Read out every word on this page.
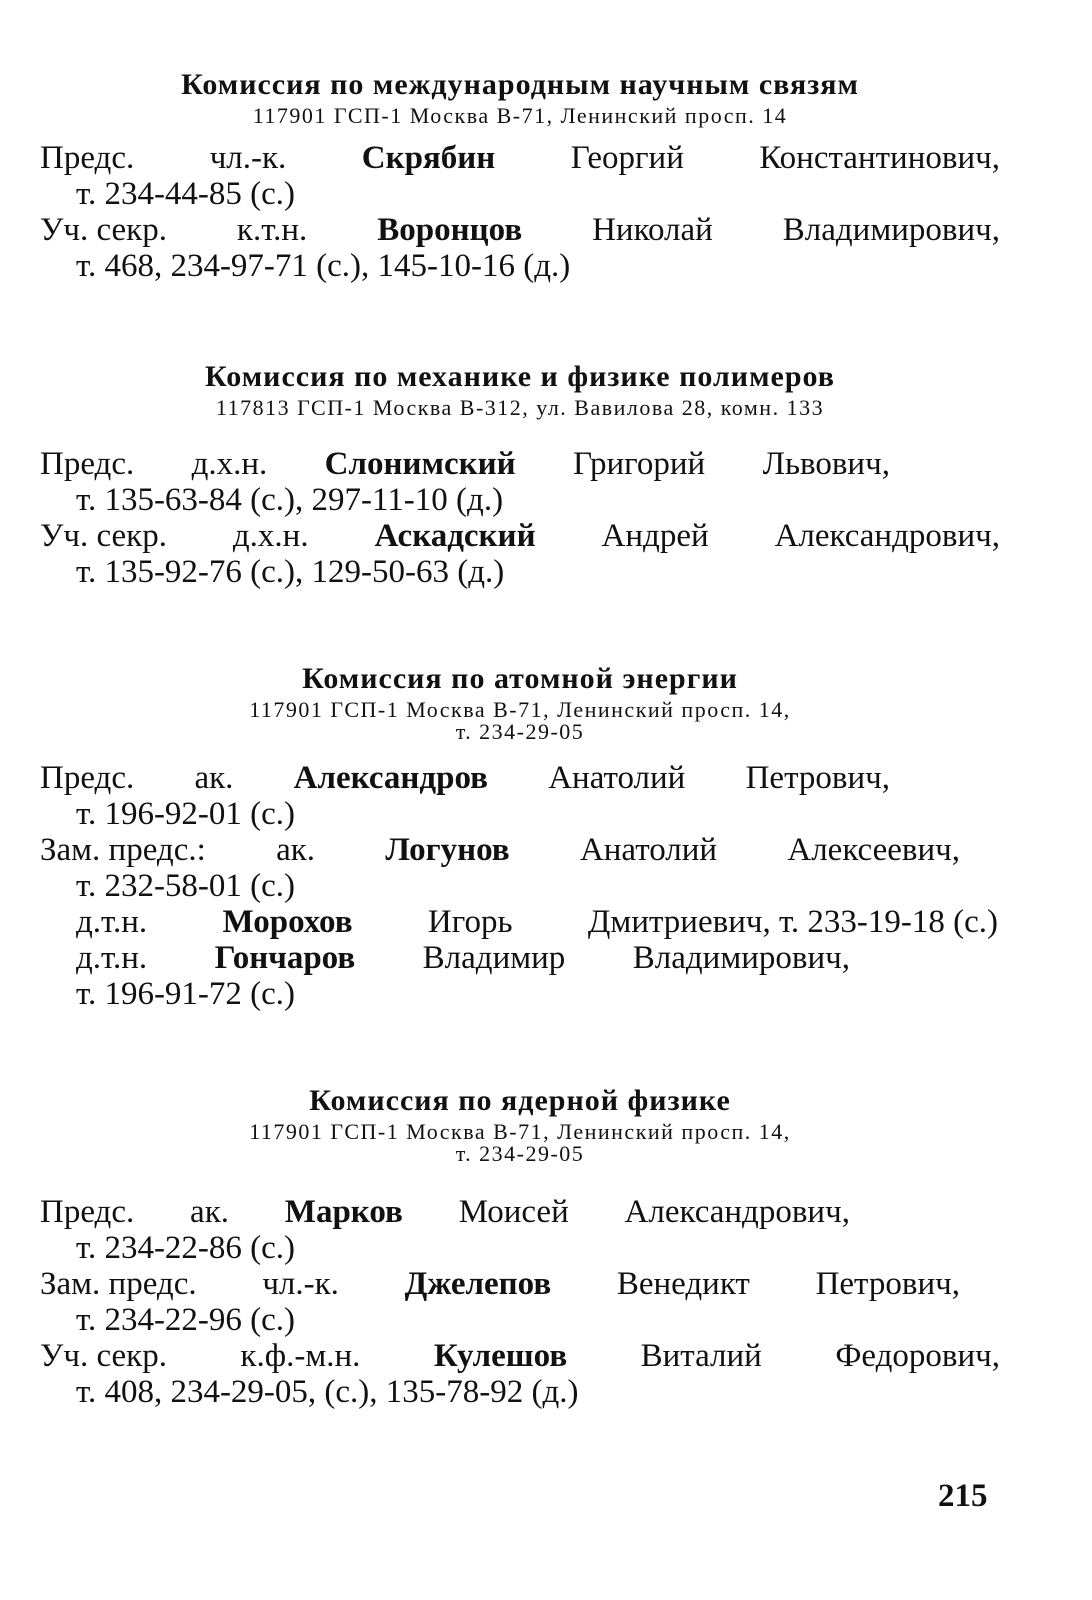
Комиссия по международным научным связям

117901 ГСП-1 Москва В-71, Ленинский просп. 14

Предс. чл.-к. Скрябин Георгий Константинович,
т. 234-44-85 (с.)
Уч. секр. к.т.н. Воронцов Николай Владимирович,
т. 468, 234-97-71 (с.), 145-10-16 (д.)

Комиссия по механике и физике полимеров

117813 ГСП-1 Москва В-312, ул. Вавилова 28, комн. 133

Предс. д.х.н. Слонимский Григорий Львович,
т. 135-63-84 (с.), 297-11-10 (д.)
Уч. секр. д.х.н. Аскадский Андрей Александрович,
т. 135-92-76 (с.), 129-50-63 (д.)

Комиссия по атомной энергии

117901 ГСП-1 Москва В-71, Ленинский просп. 14,

т. 234-29-05

Предс. ак. Александров Анатолий Петрович,
т. 196-92-01 (с.)
Зам. предс.: ак. Логунов Анатолий Алексеевич,
т. 232-58-01 (с.)
д.т.н. Морохов Игорь Дмитриевич, т. 233-19-18 (с.)
д.т.н. Гончаров Владимир Владимирович,
т. 196-91-72 (с.)

Комиссия по ядерной физике

117901 ГСП-1 Москва В-71, Ленинский просп. 14,

т. 234-29-05

Предс. ак. Марков Моисей Александрович,
т. 234-22-86 (с.)
Зам. предс. чл.-к. Джелепов Венедикт Петрович,
т. 234-22-96 (с.)
Уч. секр. к.ф.-м.н. Кулешов Виталий Федорович,
т. 408, 234-29-05, (с.), 135-78-92 (д.)
215
